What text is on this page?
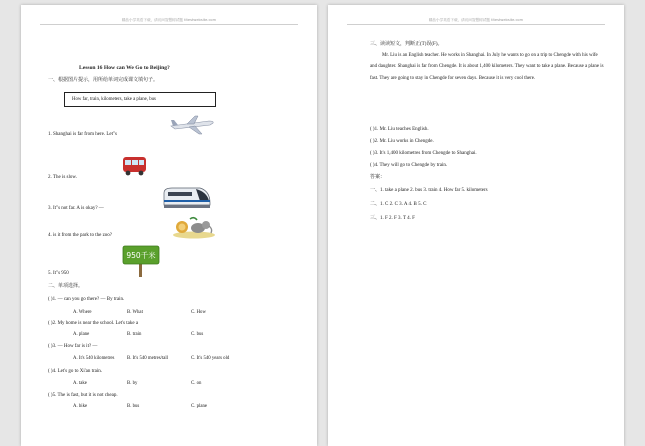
精品小学英语下载，请访问智慧树试题 tltestwebsite.com
Lesson 16 How can We Go to Beijing?
一、根据图片提示，用所给单词完成课文填句子。
How far, train, kilometers, take a plane, bus
1. Shanghai is far from here. Let"s
2. The is slow.
3. It"s not far. A is okay? —
4. is it from the park to the zoo?
5. It"s 950
950千米
二、单项选择。
( )1. — can you go there? — By train.
A. Where	B. What	C. How
( )2. My home is near the school. Let's take a
A. plane	B. train	C. bus
( )3. — How far is it? —
A. It's 540 kilometres	B. It's 540 metres/tall	C. It's 540 years old
( )4. Let's go to Xi'an train.
A. take	B. by	C. on
( )5. The is fast, but it is not cheap.
A. bike	B. bus	C. plane
精品小学英语下载，请访问智慧树试题 tltestwebsite.com
三、读读短文，判断正(T)误(F)。
Mr. Liu is an English teacher. He works in Shanghai. In July he wants to go on a trip to Chengde with his wife and daughter. Shanghai is far from Chengde. It is about 1,400 kilometers. They want to take a plane. Because a plane is fast. They are going to stay in Chengde for seven days. Because it is very cool there.
( )1. Mr. Liu teaches English.
( )2. Mr. Liu works in Chengde.
( )3. It's 1,400 kilometres from Chengde to Shanghai.
( )4. They will go to Chengde by train.
答案：
一、1. take a plane 2. bus 3. train 4. How far 5. kilometers
二、1. C 2. C 3. A 4. B 5. C
三、1. F 2. F 3. T 4. F
